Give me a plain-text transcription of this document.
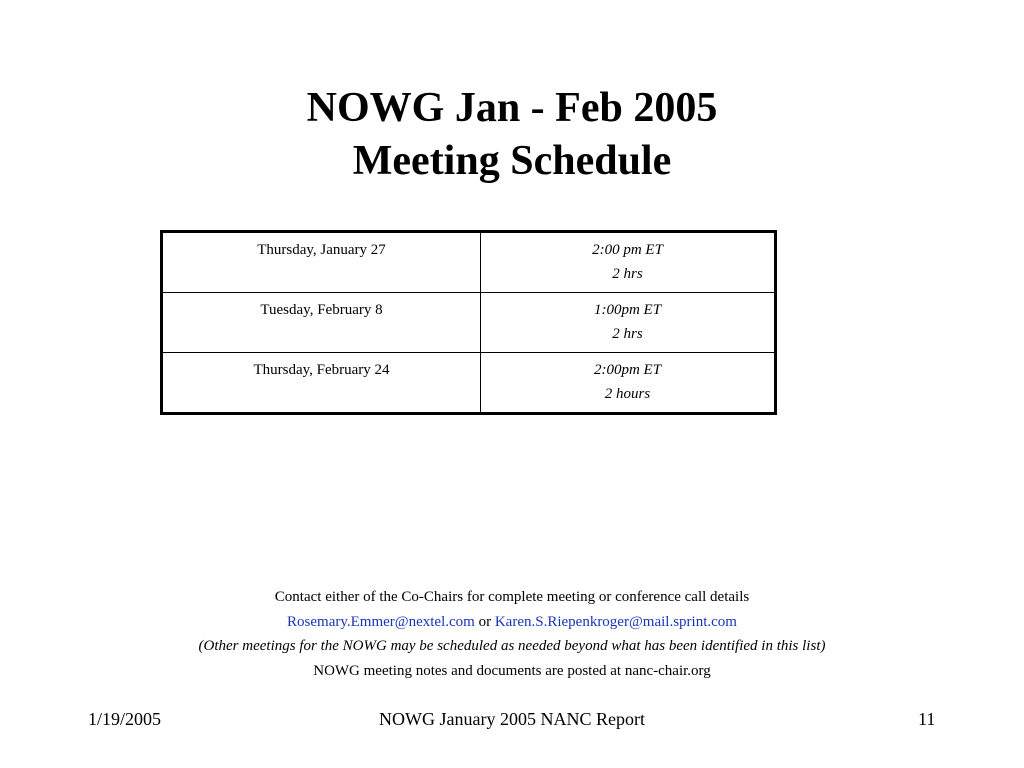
NOWG Jan - Feb 2005
Meeting Schedule
Thursday, January 27	2:00 pm ET
2 hrs

Tuesday, February 8	1:00pm ET
2 hrs

Thursday, February 24	2:00pm ET
2 hours
Contact either of the Co-Chairs for complete meeting or conference call details
Rosemary.Emmer@nextel.com or Karen.S.Riepenkroger@mail.sprint.com
(Other meetings for the NOWG may be scheduled as needed beyond what has been identified in this list)
NOWG meeting notes and documents are posted at nanc-chair.org
1/19/2005	NOWG January 2005 NANC Report	11
